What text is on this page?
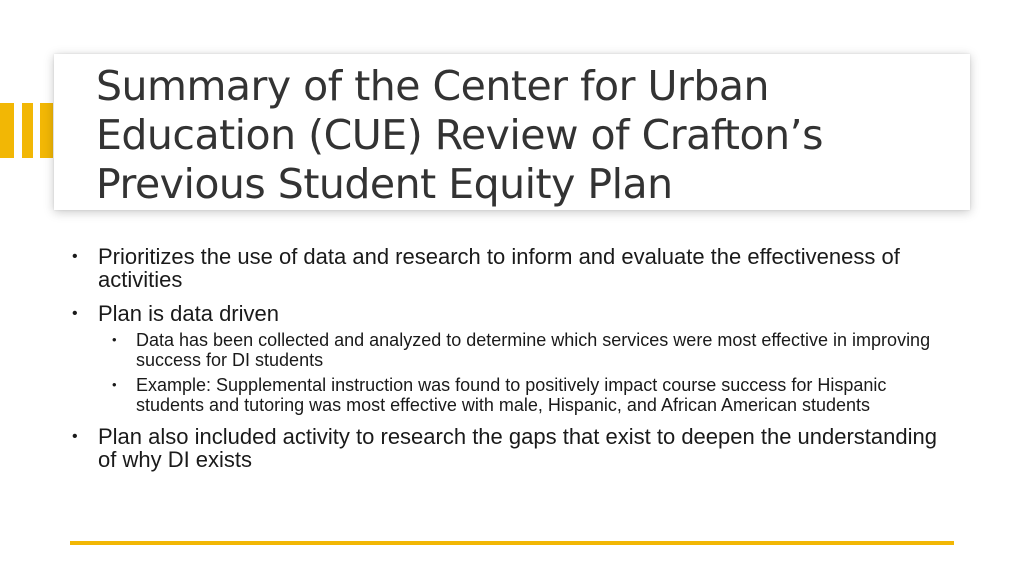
Summary of the Center for Urban Education (CUE) Review of Crafton’s Previous Student Equity Plan
• Prioritizes the use of data and research to inform and evaluate the effectiveness of activities
• Plan is data driven
•	Data has been collected and analyzed to determine which services were most effective in improving success for DI students
•	Example: Supplemental instruction was found to positively impact course success for Hispanic students and tutoring was most effective with male, Hispanic, and African American students
• Plan also included activity to research the gaps that exist to deepen the understanding of why DI exists
